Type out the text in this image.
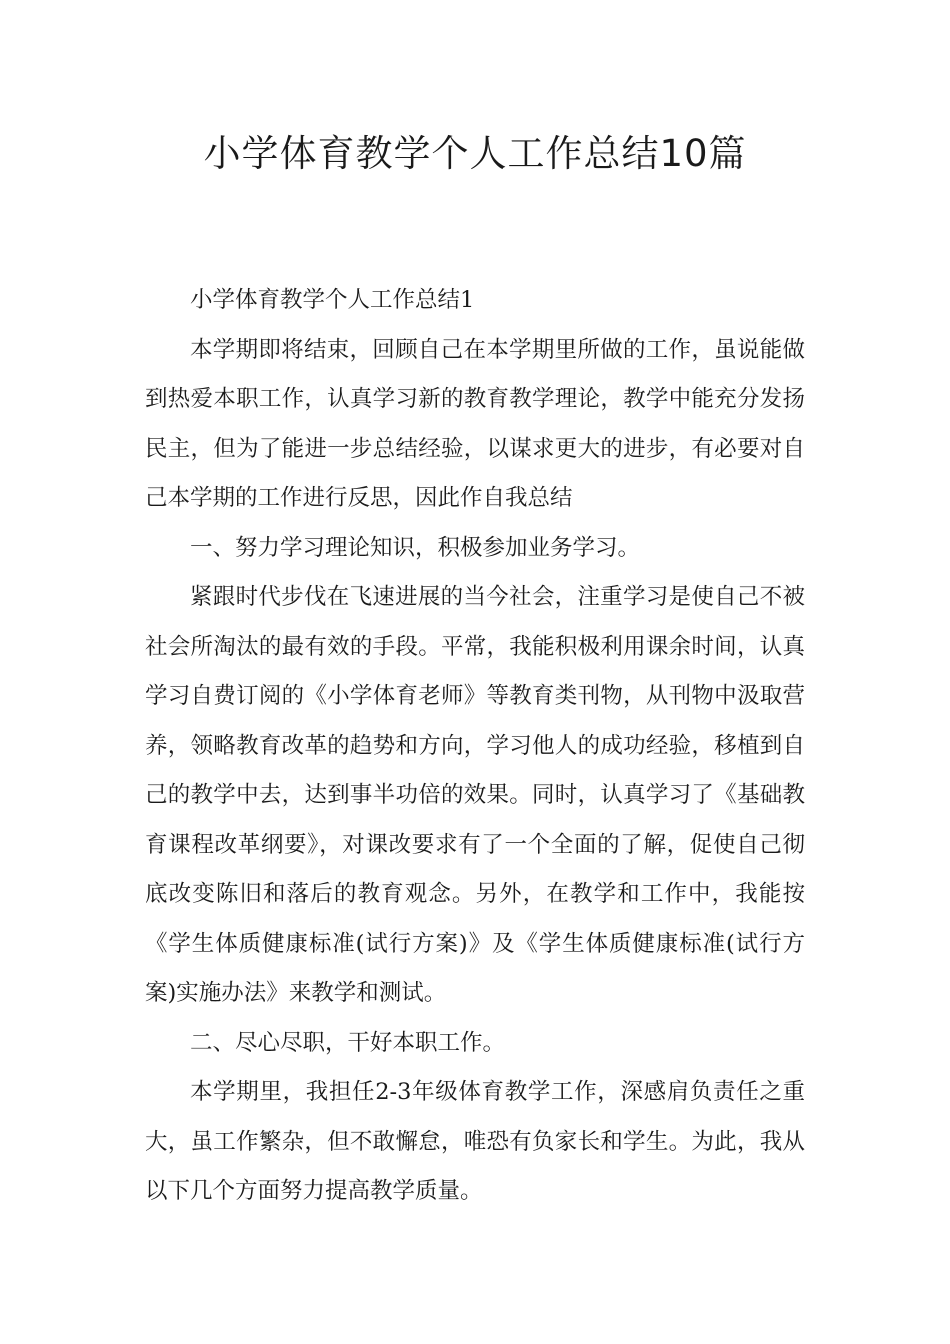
小学体育教学个人工作总结10篇

小学体育教学个人工作总结1

本学期即将结束，回顾自己在本学期里所做的工作，虽说能做到热爱本职工作，认真学习新的教育教学理论，教学中能充分发扬民主，但为了能进一步总结经验，以谋求更大的进步，有必要对自己本学期的工作进行反思，因此作自我总结

一、努力学习理论知识，积极参加业务学习。

紧跟时代步伐在飞速进展的当今社会，注重学习是使自己不被社会所淘汰的最有效的手段。平常，我能积极利用课余时间，认真学习自费订阅的《小学体育老师》等教育类刊物，从刊物中汲取营养，领略教育改革的趋势和方向，学习他人的成功经验，移植到自己的教学中去，达到事半功倍的效果。同时，认真学习了《基础教育课程改革纲要》，对课改要求有了一个全面的了解，促使自己彻底改变陈旧和落后的教育观念。另外，在教学和工作中，我能按《学生体质健康标准(试行方案)》及《学生体质健康标准(试行方案)实施办法》来教学和测试。

二、尽心尽职，干好本职工作。

本学期里，我担任2-3年级体育教学工作，深感肩负责任之重大，虽工作繁杂，但不敢懈怠，唯恐有负家长和学生。为此，我从以下几个方面努力提高教学质量。
